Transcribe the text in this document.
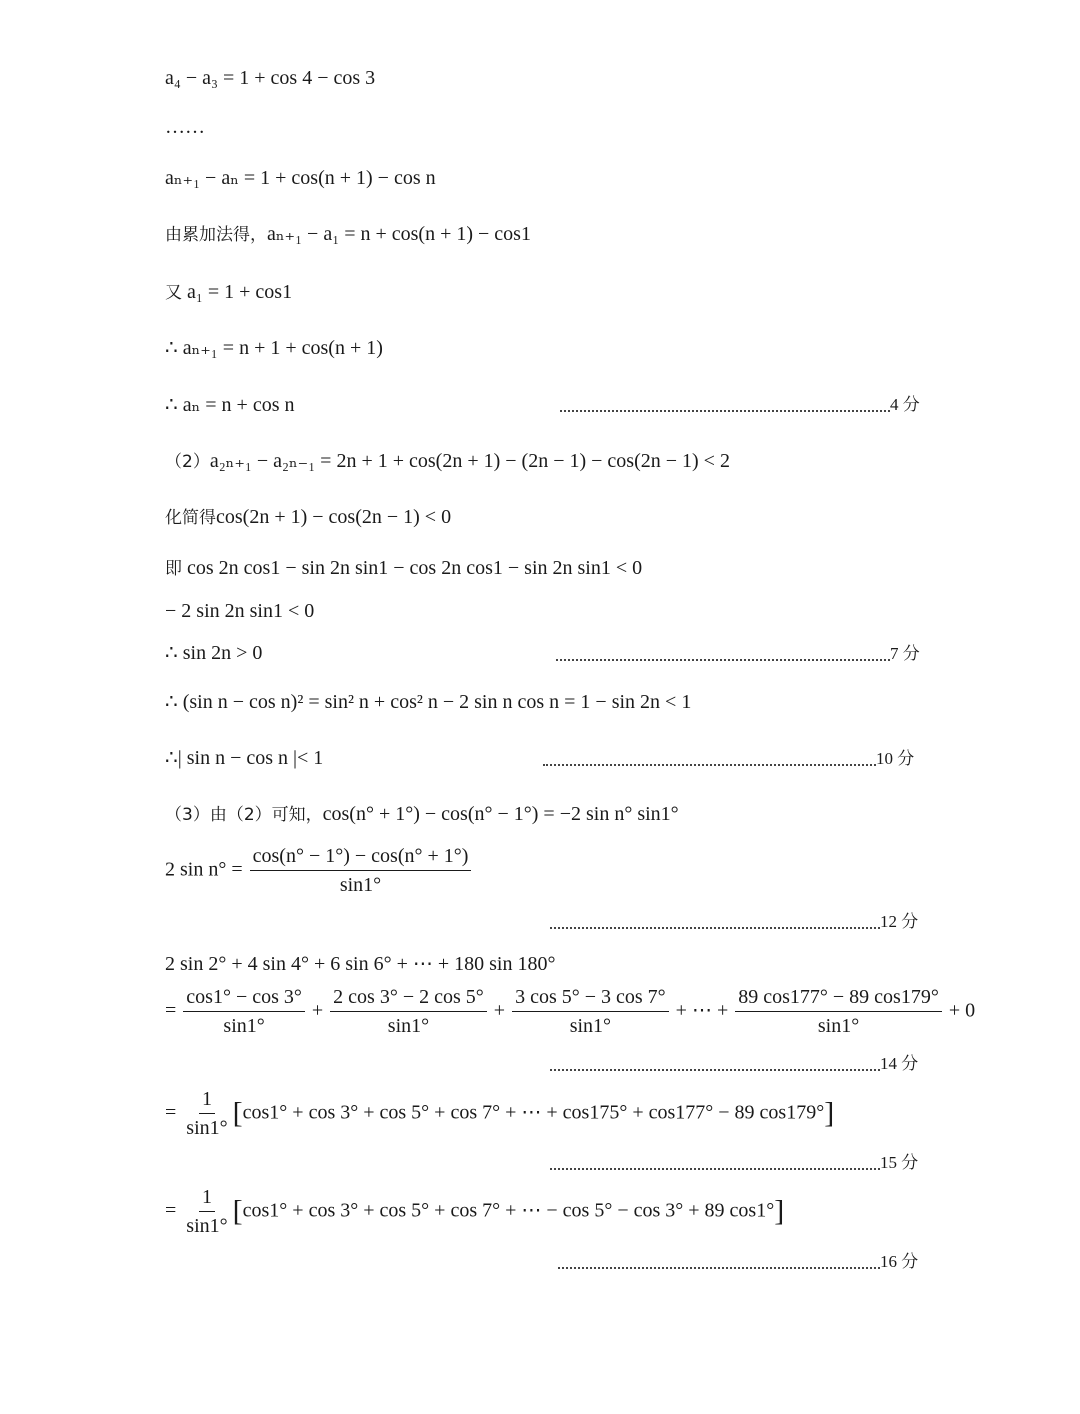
a₄ − a₃ = 1 + cos 4 − cos 3
……
aₙ₊₁ − aₙ = 1 + cos(n + 1) − cos n
由累加法得，aₙ₊₁ − a₁ = n + cos(n + 1) − cos1
又 a₁ = 1 + cos1
∴ aₙ₊₁ = n + 1 + cos(n + 1)
∴ aₙ = n + cos n	4 分
（2）a₂ₙ₊₁ − a₂ₙ₋₁ = 2n + 1 + cos(2n + 1) − (2n − 1) − cos(2n − 1) < 2
化简得cos(2n + 1) − cos(2n − 1) < 0
即 cos 2n cos1 − sin 2n sin1 − cos 2n cos1 − sin 2n sin1 < 0
− 2 sin 2n sin1 < 0
∴ sin 2n > 0	7 分
∴ (sin n − cos n)² = sin² n + cos² n − 2 sin n cos n = 1 − sin 2n < 1
∴| sin n − cos n |< 1	10 分
（3）由（2）可知，cos(n° + 1°) − cos(n° − 1°) = −2 sin n° sin1°
2 $\sin n^\circ = \frac{\cos(n^\circ - 1^\circ) - \cos(n^\circ + 1^\circ)}{\sin 1^\circ}$
12 分
2 sin 2° + 4 sin 4° + 6 sin 6° + ⋯ + 180 sin 180°
= $\frac{\cos 1^\circ - \cos 3^\circ}{\sin 1^\circ} + \frac{2 \cos 3^\circ - 2 \cos 5^\circ}{\sin 1^\circ} + \frac{3 \cos 5^\circ - 3 \cos 7^\circ}{\sin 1^\circ}$ + ⋯ + $\frac{89 \cos 177^\circ - 89 \cos 179^\circ}{\sin 1^\circ} + 0$
14 分
= $\frac{1}{\sin 1^\circ} [\cos 1^\circ + \cos 3^\circ + \cos 5^\circ + \cos 7^\circ$ + ⋯ + cos175° + cos177° − 89 cos179°]
15 分
= $\frac{1}{\sin 1^\circ} [\cos 1^\circ + \cos 3^\circ + \cos 5^\circ + \cos 7^\circ$ + ⋯ − cos 5° − cos 3° + 89 cos1°]
16 分
